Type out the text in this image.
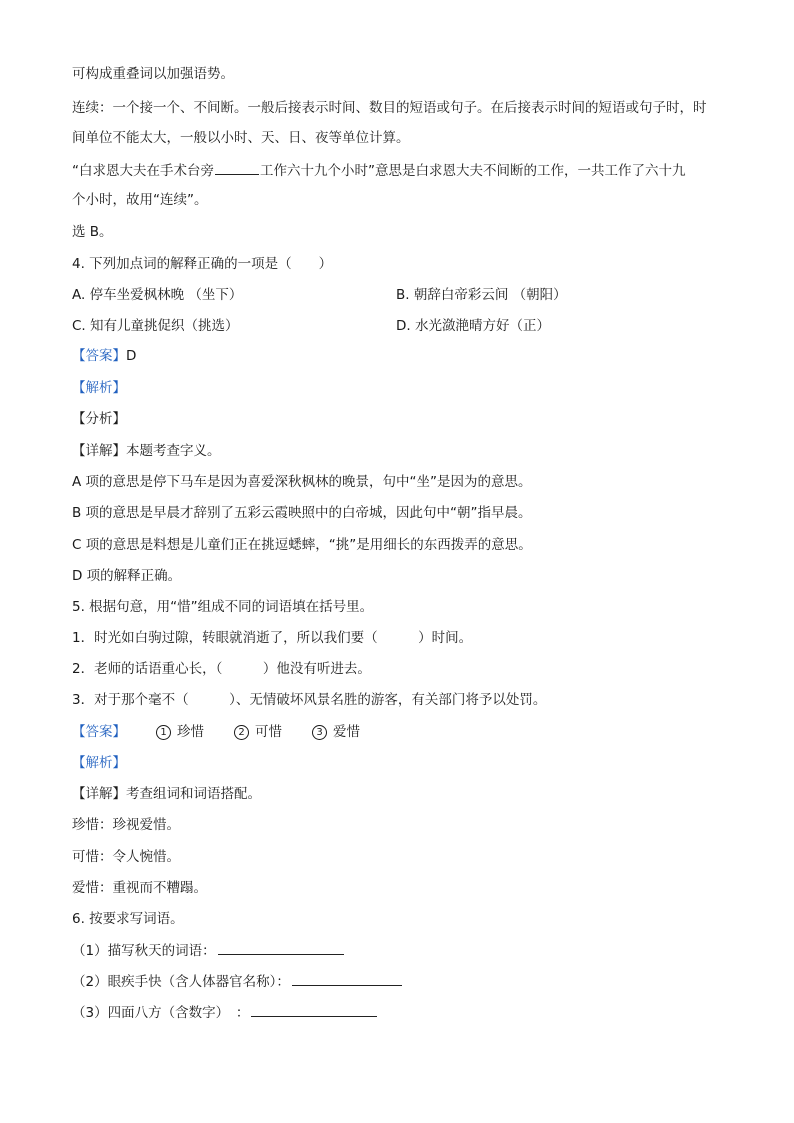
可构成重叠词以加强语势。
连续：一个接一个、不间断。一般后接表示时间、数目的短语或句子。在后接表示时间的短语或句子时，时
间单位不能太大，一般以小时、天、日、夜等单位计算。
“白求恩大夫在手术台旁	工作六十九个小时”意思是白求恩大夫不间断的工作，一共工作了六十九
个小时，故用“连续”。
选 B。
4. 下列加点词的解释正确的一项是（　　）
A. 停车坐爱枫林晚 （坐下）	B. 朝辞白帝彩云间 （朝阳）
C. 知有儿童挑促织（挑选）	D. 水光潋滟晴方好（正）
【答案】D
【解析】
【分析】
【详解】本题考查字义。
A 项的意思是停下马车是因为喜爱深秋枫林的晚景，句中“坐”是因为的意思。
B 项的意思是早晨才辞别了五彩云霞映照中的白帝城，因此句中“朝”指早晨。
C 项的意思是料想是儿童们正在挑逗蟋蟀，“挑”是用细长的东西拨弄的意思。
D 项的解释正确。
5. 根据句意，用“惜”组成不同的词语填在括号里。
1．时光如白驹过隙，转眼就消逝了，所以我们要（　　　）时间。
2．老师的话语重心长，（　　　）他没有听进去。
3．对于那个毫不（　　　）、无情破坏风景名胜的游客，有关部门将予以处罚。
【答案】	1 珍惜	2 可惜	3 爱惜
【解析】
【详解】考查组词和词语搭配。
珍惜：珍视爱惜。
可惜：令人惋惜。
爱惜：重视而不糟蹋。
6. 按要求写词语。
（1）描写秋天的词语：
（2）眼疾手快（含人体器官名称）：
（3）四面八方（含数字）　：
